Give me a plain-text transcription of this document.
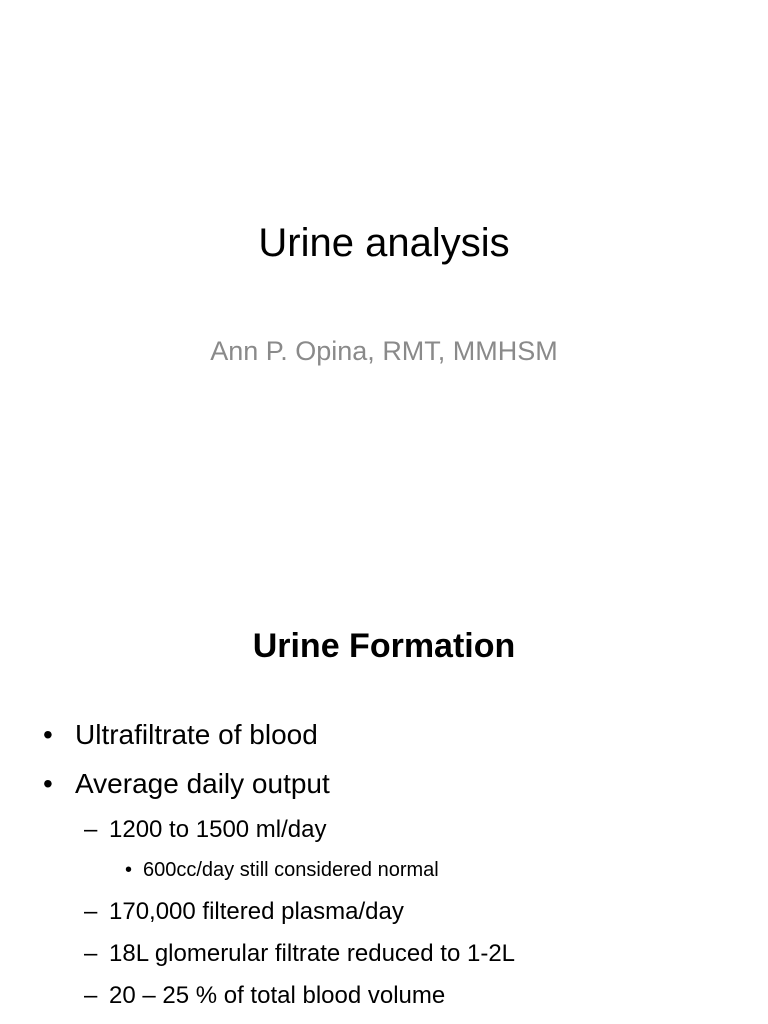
Urine analysis
Ann P. Opina, RMT, MMHSM
Urine Formation
• Ultrafiltrate of blood
• Average daily output
– 1200 to 1500 ml/day
• 600cc/day still considered normal
– 170,000 filtered plasma/day
– 18L glomerular filtrate reduced to 1-2L
– 20 – 25 % of total blood volume
